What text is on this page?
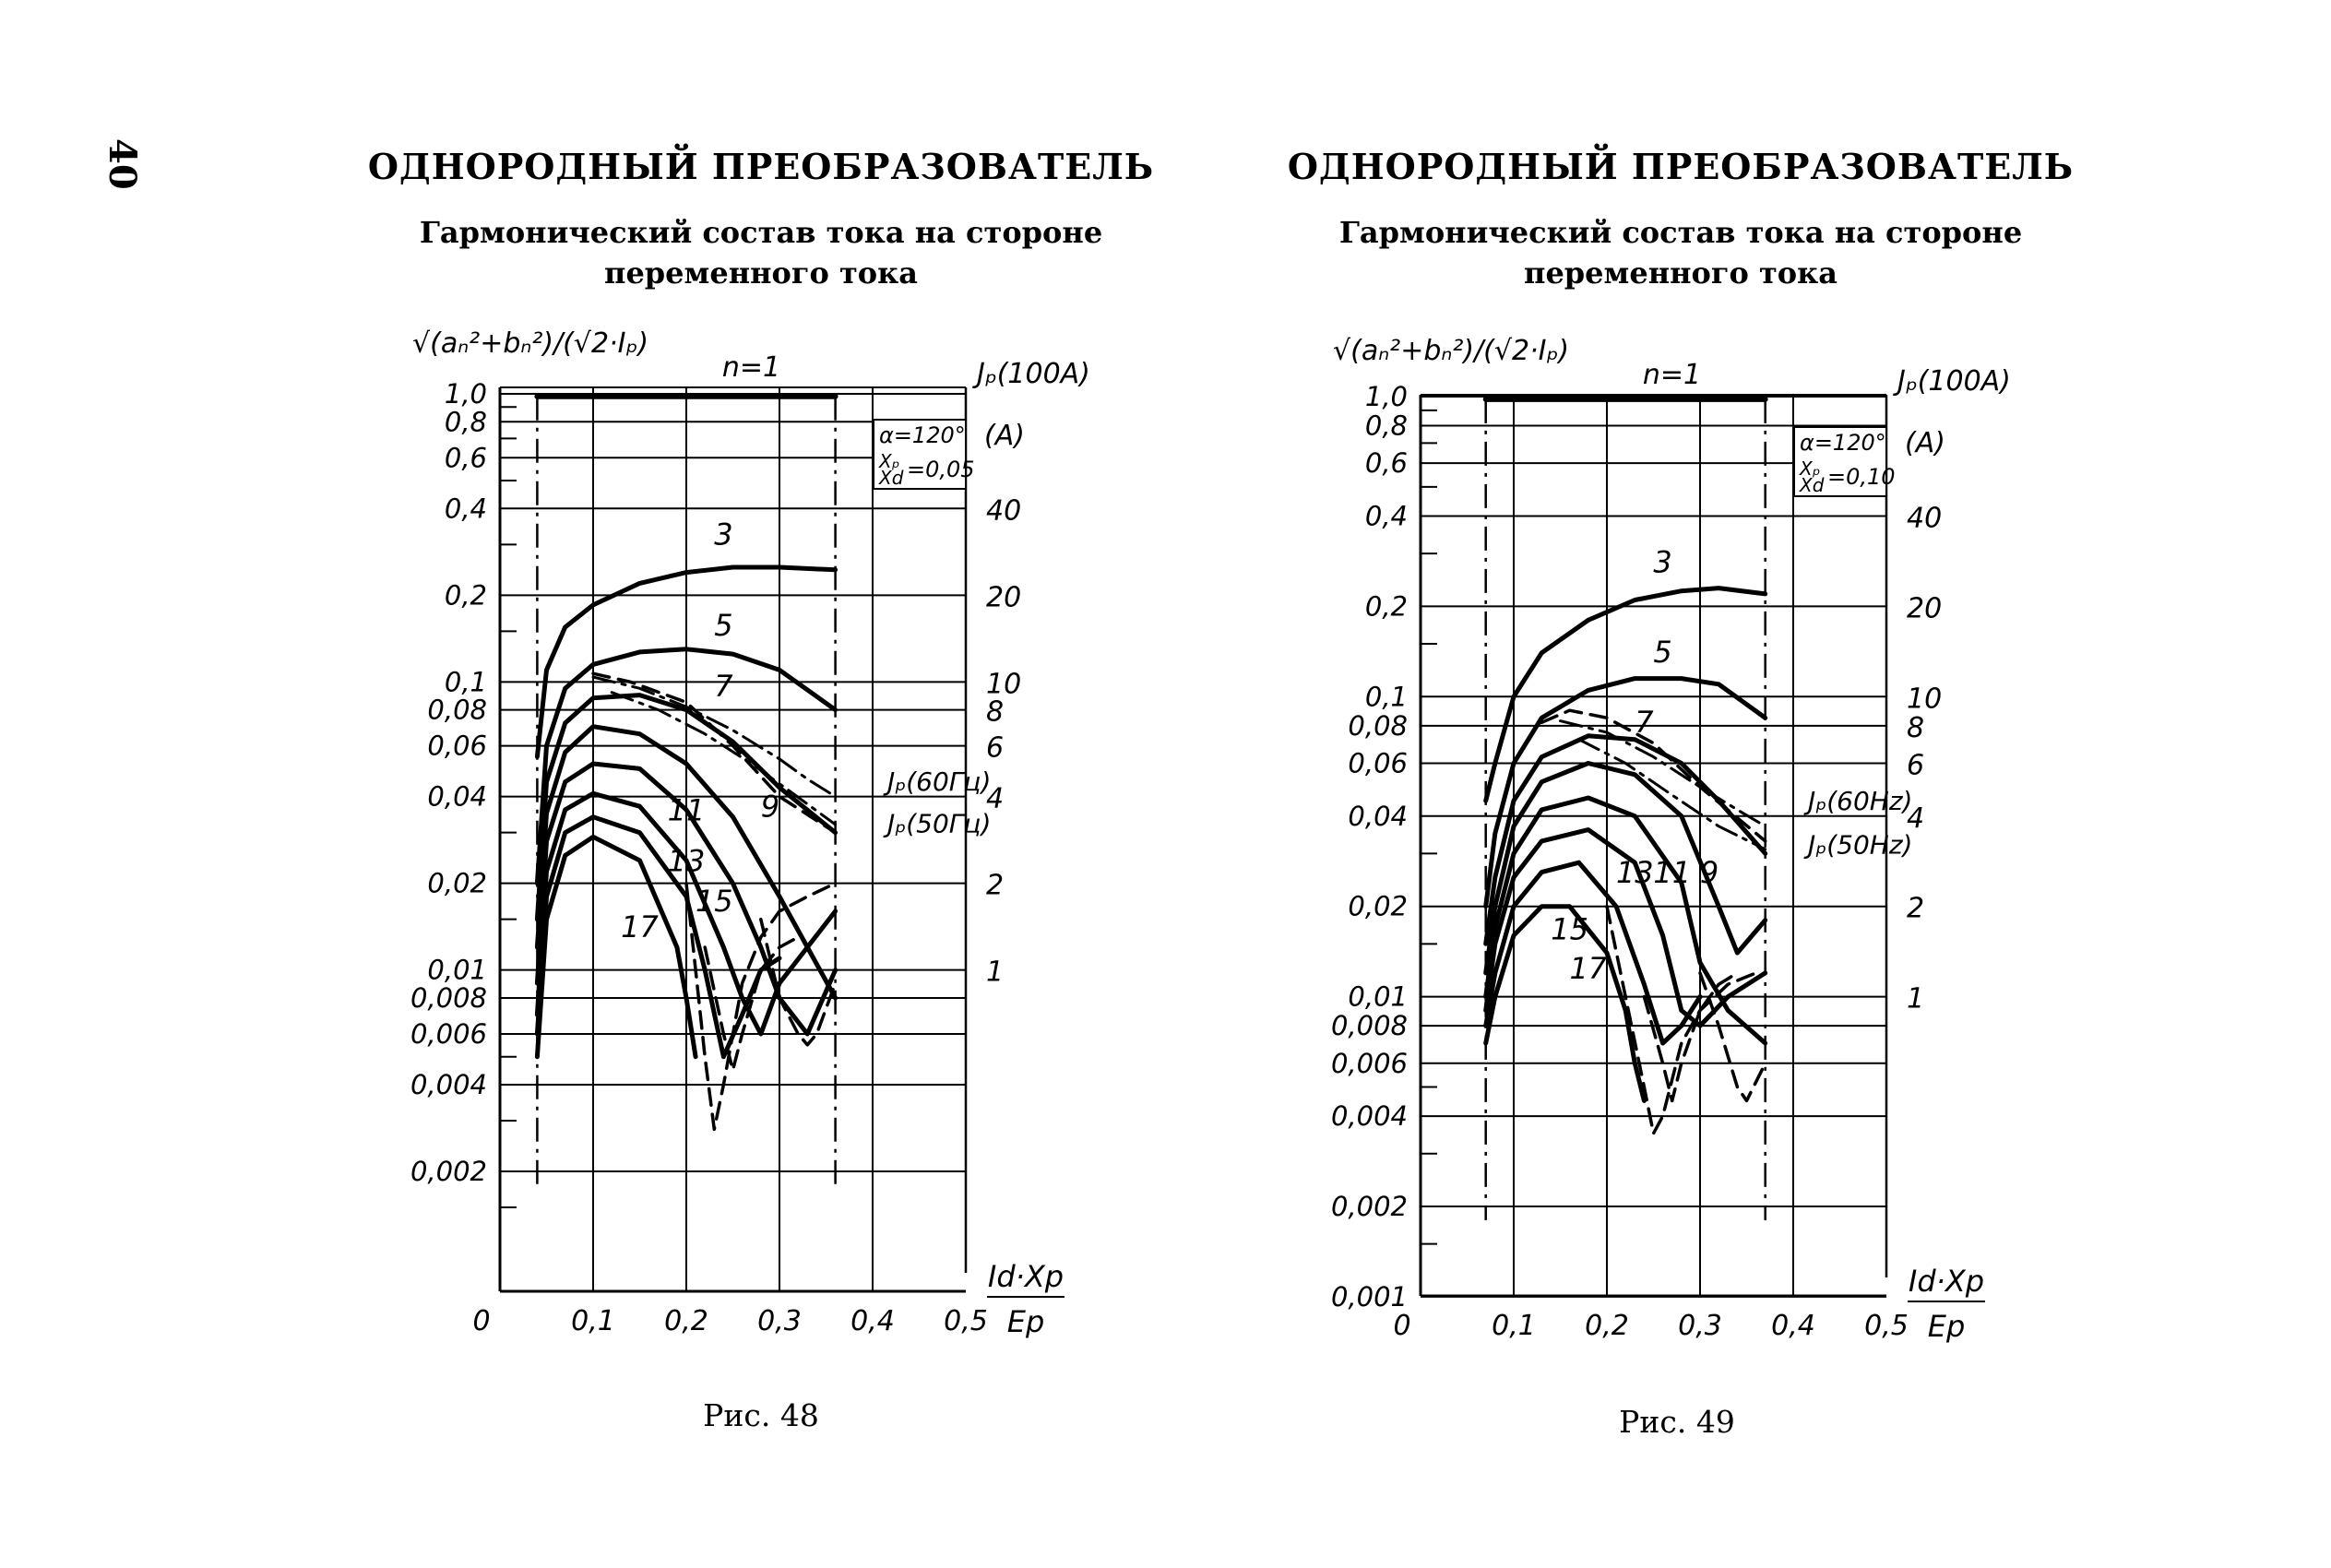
40	ОДНОРОДНЫЙ ПРЕОБРАЗОВАТЕЛЬ
Гармонический состав тока на стороне
переменного тока
Рис. 48
ОДНОРОДНЫЙ ПРЕОБРАЗОВАТЕЛЬ
Гармонический состав тока на стороне
переменного тока
Рис. 49
0	0,1 0,2 0,3 0,4 0,5
1,0
0,8
0,6
0,4
0,2
0,1
0,08
0,06
0,04
0,02
0,01
0,008
0,006
0,004
0,002
40
20
10
8
6
4
2
1
3
5
7
9
11
13
15
17
n=1
√(aₙ²+bₙ²)/(√2·Iₚ)
Jₚ(100A)
(A)
α=120°
Xₚ
Xd =0,05
Jₚ(60Гц)
Jₚ(50Гц)
Id·Xp
Ep	0	0,1 0,2 0,3 0,4 0,5
1,0
0,8
0,6
0,4
0,2
0,1
0,08
0,06
0,04
0,02
0,01
0,008
0,006
0,004
0,002
0,001
40
20
10
8
6
4
2
1
3
5
7
9
11
13
15
17
n=1
√(aₙ²+bₙ²)/(√2·Iₚ)
Jₚ(100A)
(A)
α=120°
Xₚ
Xd =0,10
Jₚ(60Hz)
Jₚ(50Hz)
Id·Xp
Ep
